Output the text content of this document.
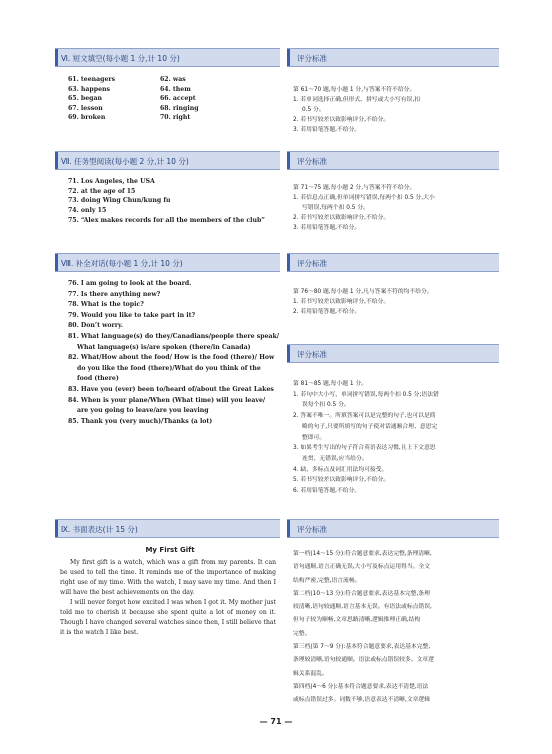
Ⅵ. 短文填空(每小题 1 分,计 10 分)
61. teenagers	62. was
63. happens	64. them
65. began	66. accept
67. lesson	68. ringing
69. broken	70. right
评分标准
第 61～70 题,每小题 1 分,与答案不符不给分。
1. 若单词选择正确,但形式、拼写或大小写有误,扣
0.5 分。
2. 若书写较差以致影响评分,不给分。
3. 若用铅笔答题,不给分。
Ⅶ. 任务型阅读(每小题 2 分,计 10 分)
71. Los Angeles, the USA
72. at the age of 15
73. doing Wing Chun/kung fu
74. only 15
75. “Alex makes records for all the members of the club”
评分标准
第 71～75 题,每小题 2 分,与答案不符不给分。
1. 若信息点正确,但单词拼写错误,每两个扣 0.5 分,大小
写错误,每两个扣 0.5 分。
2. 若书写较差以致影响评分,不给分。
3. 若用铅笔答题,不给分。
Ⅷ. 补全对话(每小题 1 分,计 10 分)
76. I am going to look at the board.
77. Is there anything new?
78. What is the topic?
79. Would you like to take part in it?
80. Don’t worry.
81. What language(s) do they/Canadians/people there speak/
What language(s) is/are spoken (there/in Canada)
82. What/How about the food/ How is the food (there)/ How
do you like the food (there)/What do you think of the
food (there)
83. Have you (ever) been to/heard of/about the Great Lakes
84. When is your plane/When (What time) will you leave/
are you going to leave/are you leaving
85. Thank you (very much)/Thanks (a lot)
评分标准
第 76～80 题,每小题 1 分,凡与答案不符的均不给分。
1. 若书写较差以致影响评分,不给分。
2. 若用铅笔答题,不给分。
评分标准
第 81～85 题,每小题 1 分。
1. 若句中大小写、单词拼写错误,每两个扣 0.5 分;语法错
误每个扣 0.5 分。
2. 答案不唯一。所填答案可以是完整的句子,也可以是简
略的句子,只要所填写的句子使对话通顺合理、意思完
整即可。
3. 如果考生写出的句子符合英语表达习惯,且上下文意思
连贯、无错误,应当给分。
4. 缺、多标点及词汇用法均可接受。
5. 若书写较差以致影响评分,不给分。
6. 若用铅笔答题,不给分。
Ⅸ. 书面表达(计 15 分)
My First Gift

My first gift is a watch, which was a gift from my parents. It can be used to tell the time. It reminds me of the importance of making right use of my time. With the watch, I may save my time. And then I will have the best achievements on the day.

I will never forget how excited I was when I got it. My mother just told me to cherish it because she spent quite a lot of money on it. Though I have changed several watches since then, I still believe that it is the watch I like best.

评分标准
第一档(14～15 分):符合题意要求,表达完整,条理清晰,
语句通顺,语言正确无误,大小写及标点运用得当。全文
结构严密,完整,语言流畅。
第二档(10～13 分):符合题意要求,表达基本完整,条理
较清晰,语句较通顺,语言基本无误。有语法或标点错误,
但句子较为顺畅,文章思路清晰,逻辑推理正确,结构
完整。
第三档(第 7～9 分):基本符合题意要求,表达基本完整,
条理较清晰,语句较通顺。语法或标点错误较多。文章逻
辑关系混乱。
第四档(4～6 分):基本符合题意要求,表达不清楚,语法
或标点错误过多。词数不够,语意表达不清晰,文章逻辑
— 71 —
